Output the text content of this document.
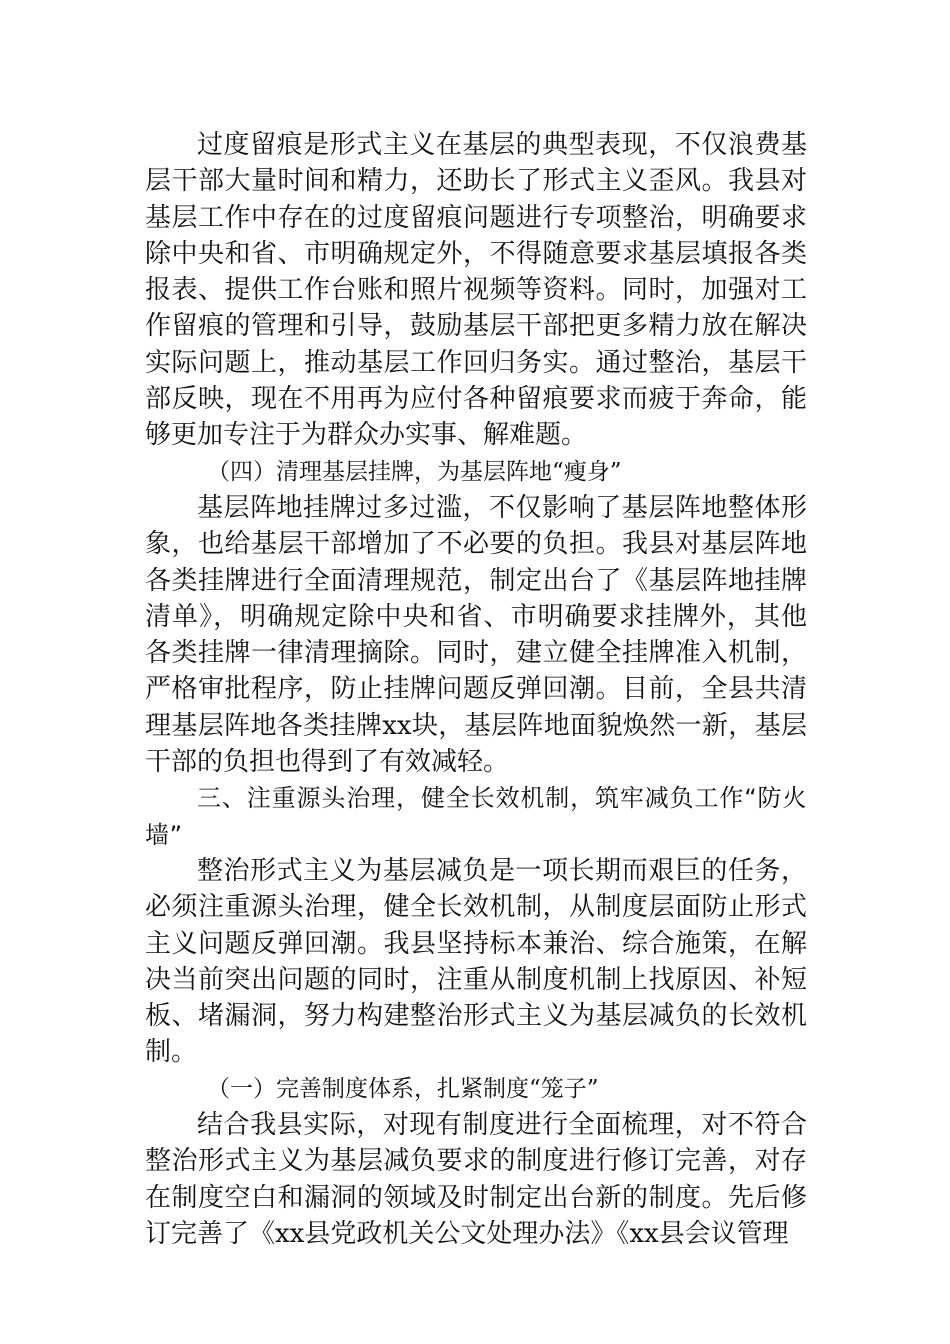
过度留痕是形式主义在基层的典型表现，不仅浪费基层干部大量时间和精力，还助长了形式主义歪风。我县对基层工作中存在的过度留痕问题进行专项整治，明确要求除中央和省、市明确规定外，不得随意要求基层填报各类报表、提供工作台账和照片视频等资料。同时，加强对工作留痕的管理和引导，鼓励基层干部把更多精力放在解决实际问题上，推动基层工作回归务实。通过整治，基层干部反映，现在不用再为应付各种留痕要求而疲于奔命，能够更加专注于为群众办实事、解难题。

（四）清理基层挂牌，为基层阵地“瘦身”

基层阵地挂牌过多过滥，不仅影响了基层阵地整体形象，也给基层干部增加了不必要的负担。我县对基层阵地各类挂牌进行全面清理规范，制定出台了《基层阵地挂牌清单》，明确规定除中央和省、市明确要求挂牌外，其他各类挂牌一律清理摘除。同时，建立健全挂牌准入机制，严格审批程序，防止挂牌问题反弹回潮。目前，全县共清理基层阵地各类挂牌xx块，基层阵地面貌焕然一新，基层干部的负担也得到了有效减轻。

三、注重源头治理，健全长效机制，筑牢减负工作“防火墙”

整治形式主义为基层减负是一项长期而艰巨的任务，必须注重源头治理，健全长效机制，从制度层面防止形式主义问题反弹回潮。我县坚持标本兼治、综合施策，在解决当前突出问题的同时，注重从制度机制上找原因、补短板、堵漏洞，努力构建整治形式主义为基层减负的长效机制。

（一）完善制度体系，扎紧制度“笼子”

结合我县实际，对现有制度进行全面梳理，对不符合整治形式主义为基层减负要求的制度进行修订完善，对存在制度空白和漏洞的领域及时制定出台新的制度。先后修订完善了《xx县党政机关公文处理办法》《xx县会议管理
